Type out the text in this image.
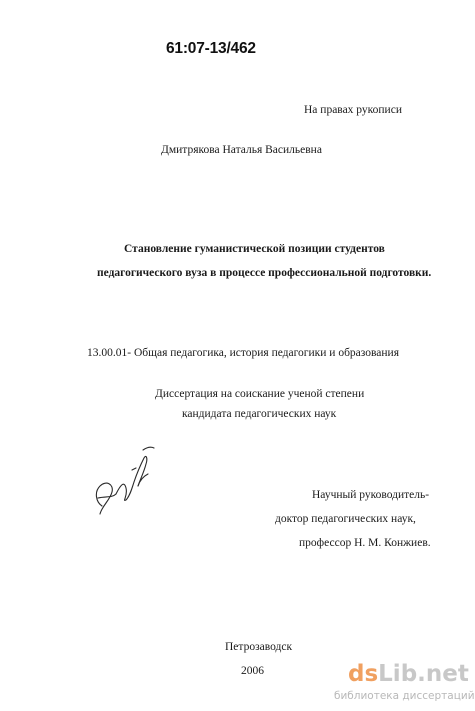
61:07-13/462
На правах рукописи
Дмитрякова Наталья Васильевна
Становление гуманистической позиции студентов
педагогического вуза в процессе профессиональной подготовки.
13.00.01- Общая педагогика, история педагогики и образования
Диссертация на соискание ученой степени
кандидата педагогических наук
Научный руководитель-
доктор педагогических наук,
профессор Н. М. Конжиев.
Петрозаводск
2006	ds Lib .net
библиотека диссертаций
